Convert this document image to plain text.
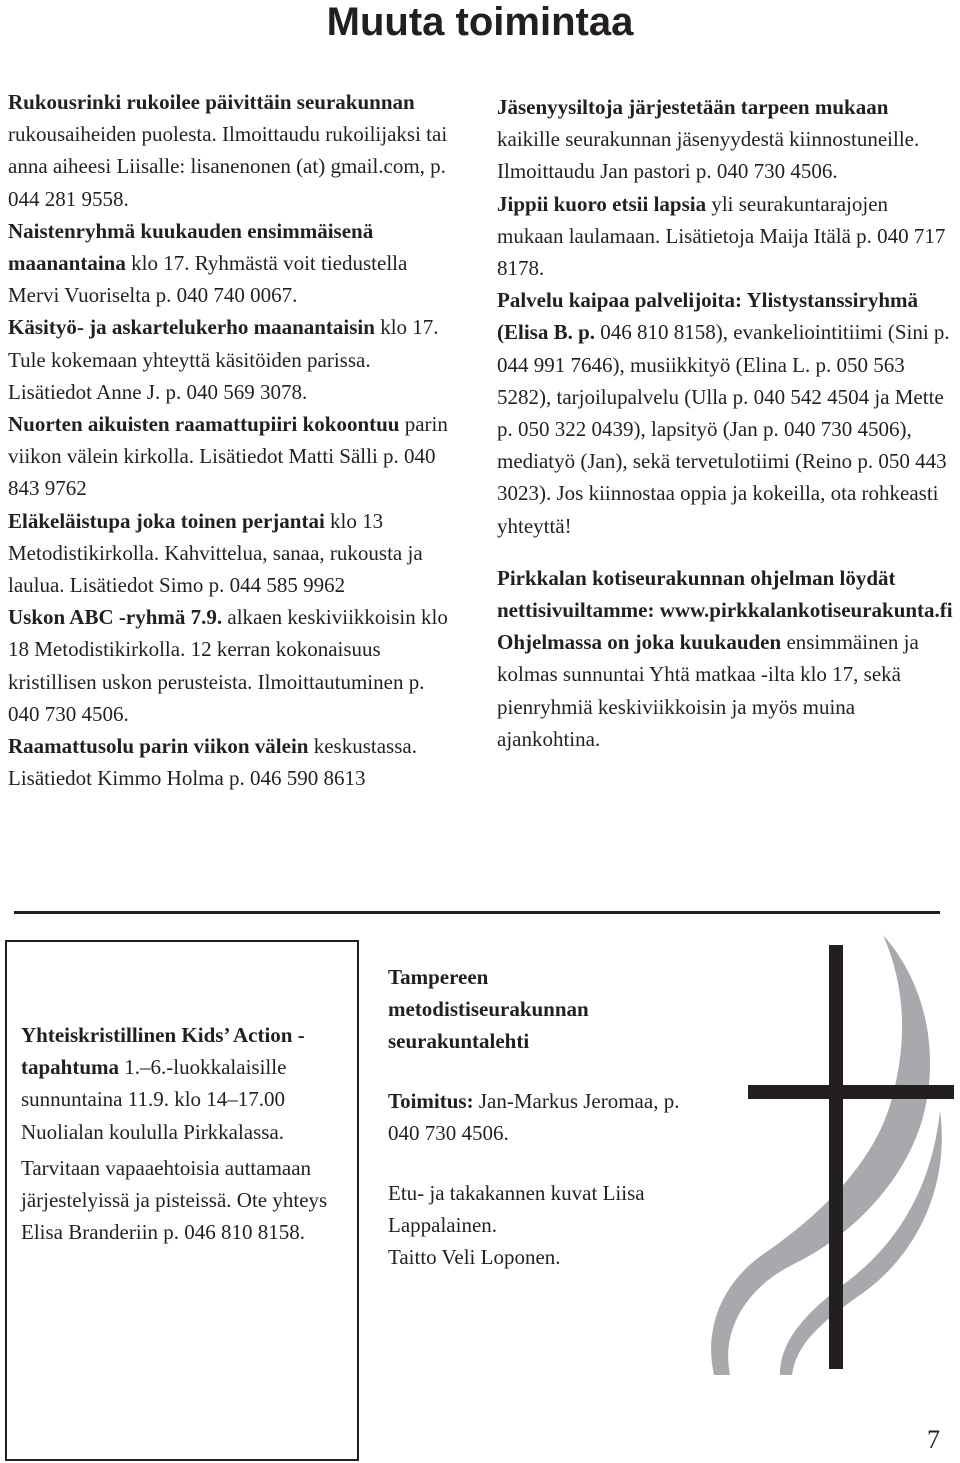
Muuta toimintaa

Rukousrinki rukoilee päivittäin seurakunnan rukousaiheiden puolesta. Ilmoittaudu rukoilijaksi tai anna aiheesi Liisalle: lisanenonen (at) gmail.com, p. 044 281 9558.

Naistenryhmä kuukauden ensimmäisenä maanantaina klo 17. Ryhmästä voit tiedustella Mervi Vuoriselta p. 040 740 0067.

Käsityö- ja askartelukerho maanantaisin klo 17. Tule kokemaan yhteyttä käsitöiden parissa. Lisätiedot Anne J. p. 040 569 3078.

Nuorten aikuisten raamattupiiri kokoontuu parin viikon välein kirkolla. Lisätiedot Matti Sälli p. 040 843 9762

Eläkeläistupa joka toinen perjantai klo 13 Metodistikirkolla. Kahvittelua, sanaa, rukousta ja laulua. Lisätiedot Simo p. 044 585 9962

Uskon ABC -ryhmä 7.9. alkaen keskiviikkoisin klo 18 Metodistikirkolla. 12 kerran kokonaisuus kristillisen uskon perusteista. Ilmoittautuminen p. 040 730 4506.

Raamattusolu parin viikon välein keskustassa. Lisätiedot Kimmo Holma p. 046 590 8613

Jäsenyysiltoja järjestetään tarpeen mukaan kaikille seurakunnan jäsenyydestä kiinnostuneille. Ilmoittaudu Jan pastori p. 040 730 4506.

Jippii kuoro etsii lapsia yli seurakuntarajojen mukaan laulamaan. Lisätietoja Maija Itälä p. 040 717 8178.

Palvelu kaipaa palvelijoita: Ylistystanssiryhmä (Elisa B. p. 046 810 8158), evankeliointitiimi (Sini p. 044 991 7646), musiikkityö (Elina L. p. 050 563 5282), tarjoilupalvelu (Ulla p. 040 542 4504 ja Mette p. 050 322 0439), lapsityö (Jan p. 040 730 4506), mediatyö (Jan), sekä tervetulotiimi (Reino p. 050 443 3023). Jos kiinnostaa oppia ja kokeilla, ota rohkeasti yhteyttä!

Pirkkalan kotiseurakunnan ohjelman löydät nettisivuiltamme: www.pirkkalankotiseurakunta.fi

Ohjelmassa on joka kuukauden ensimmäinen ja kolmas sunnuntai Yhtä matkaa -ilta klo 17, sekä pienryhmiä keskiviikkoisin ja myös muina ajankohtina.

Yhteiskristillinen Kids’ Action -tapahtuma 1.–6.-luokkalaisille sunnuntaina 11.9. klo 14–17.00 Nuolialan koululla Pirkkalassa.

Tarvitaan vapaaehtoisia auttamaan järjestelyissä ja pisteissä. Ote yhteys Elisa Branderiin p. 046 810 8158.

Tampereen metodistiseurakunnan seurakuntalehti

Toimitus: Jan-Markus Jeromaa, p. 040 730 4506.

Etu- ja takakannen kuvat Liisa Lappalainen.

Taitto Veli Loponen.

7
